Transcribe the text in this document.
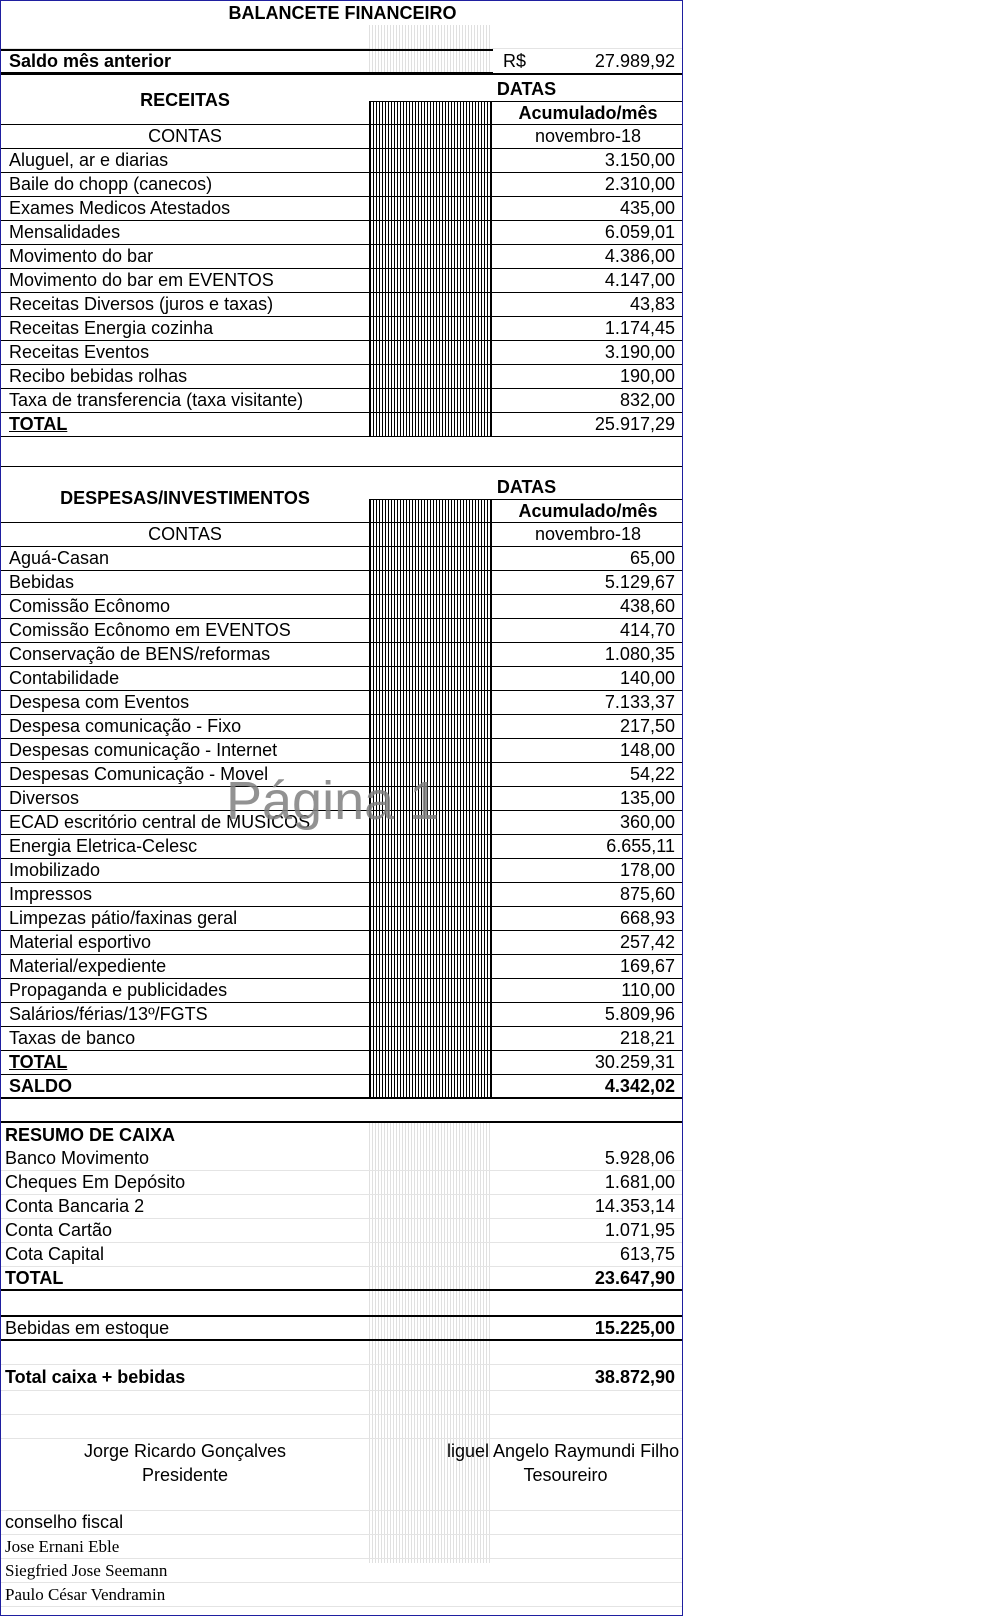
BALANCETE FINANCEIRO
Saldo mês anterior	R$	27.989,92
RECEITAS
DATAS
Acumulado/mês
CONTAS	novembro-18
Aluguel, ar e diarias	3.150,00
Baile do chopp (canecos)	2.310,00
Exames Medicos Atestados	435,00
Mensalidades	6.059,01
Movimento do bar	4.386,00
Movimento do bar em EVENTOS	4.147,00
Receitas Diversos (juros e taxas)	43,83
Receitas Energia cozinha	1.174,45
Receitas Eventos	3.190,00
Recibo bebidas rolhas	190,00
Taxa de transferencia (taxa visitante)	832,00
TOTAL	25.917,29
DESPESAS/INVESTIMENTOS
DATAS
Acumulado/mês
CONTAS	novembro-18
Aguá-Casan	65,00
Bebidas	5.129,67
Comissão Ecônomo	438,60
Comissão Ecônomo em EVENTOS	414,70
Conservação de BENS/reformas	1.080,35
Contabilidade	140,00
Despesa com Eventos	7.133,37
Despesa comunicação - Fixo	217,50
Despesas comunicação - Internet	148,00
Despesas Comunicação - Movel	54,22
Diversos	135,00
ECAD escritório central de MUSICOS	360,00
Energia Eletrica-Celesc	6.655,11
Imobilizado	178,00
Impressos	875,60
Limpezas pátio/faxinas geral	668,93
Material esportivo	257,42
Material/expediente	169,67
Propaganda e publicidades	110,00
Salários/férias/13º/FGTS	5.809,96
Taxas de banco	218,21
TOTAL	30.259,31
SALDO	4.342,02
RESUMO DE CAIXA
Banco Movimento	5.928,06
Cheques Em Depósito	1.681,00
Conta Bancaria 2	14.353,14
Conta Cartão	1.071,95
Cota Capital	613,75
TOTAL	23.647,90
Bebidas em estoque	15.225,00
Total caixa + bebidas	38.872,90
Jorge Ricardo Gonçalves	liguel Angelo Raymundi Filho
Presidente	Tesoureiro
conselho fiscal
Jose Ernani Eble
Siegfried Jose Seemann
Paulo César Vendramin
Página 1
